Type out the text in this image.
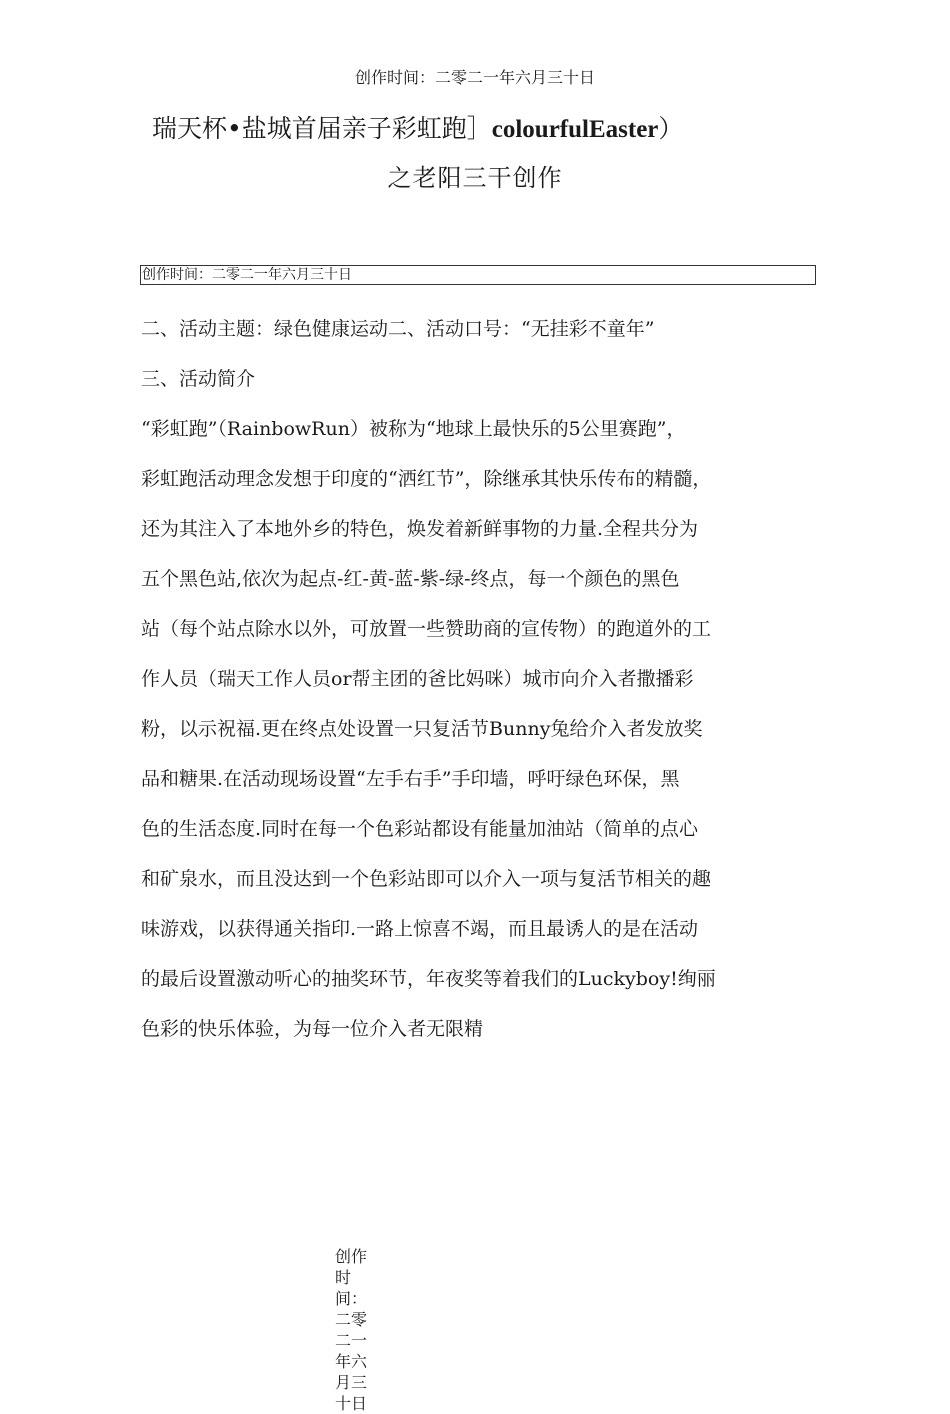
创作时间：二零二一年六月三十日
瑞天杯•盐城首届亲子彩虹跑］colourfulEaster）
之老阳三干创作
创作时间：二零二一年六月三十日
二、活动主题：绿色健康运动二、活动口号：“无挂彩不童年”
三、活动简介
“彩虹跑”（RainbowRun）被称为“地球上最快乐的5公里赛跑”，
彩虹跑活动理念发想于印度的“洒红节”，除继承其快乐传布的精髓，
还为其注入了本地外乡的特色，焕发着新鲜事物的力量.全程共分为
五个黑色站,依次为起点-红-黄-蓝-紫-绿-终点，每一个颜色的黑色
站（每个站点除水以外，可放置一些赞助商的宣传物）的跑道外的工
作人员（瑞天工作人员or帮主团的爸比妈咪）城市向介入者撒播彩
粉，以示祝福.更在终点处设置一只复活节Bunny兔给介入者发放奖
品和糖果.在活动现场设置“左手右手”手印墙，呼吁绿色环保，黑
色的生活态度.同时在每一个色彩站都设有能量加油站（简单的点心
和矿泉水，而且没达到一个色彩站即可以介入一项与复活节相关的趣
味游戏，以获得通关指印.一路上惊喜不竭，而且最诱人的是在活动
的最后设置激动听心的抽奖环节，年夜奖等着我们的Luckyboy!绚丽
色彩的快乐体验，为每一位介入者无限精
创作时间：二零二一年六月三十日
